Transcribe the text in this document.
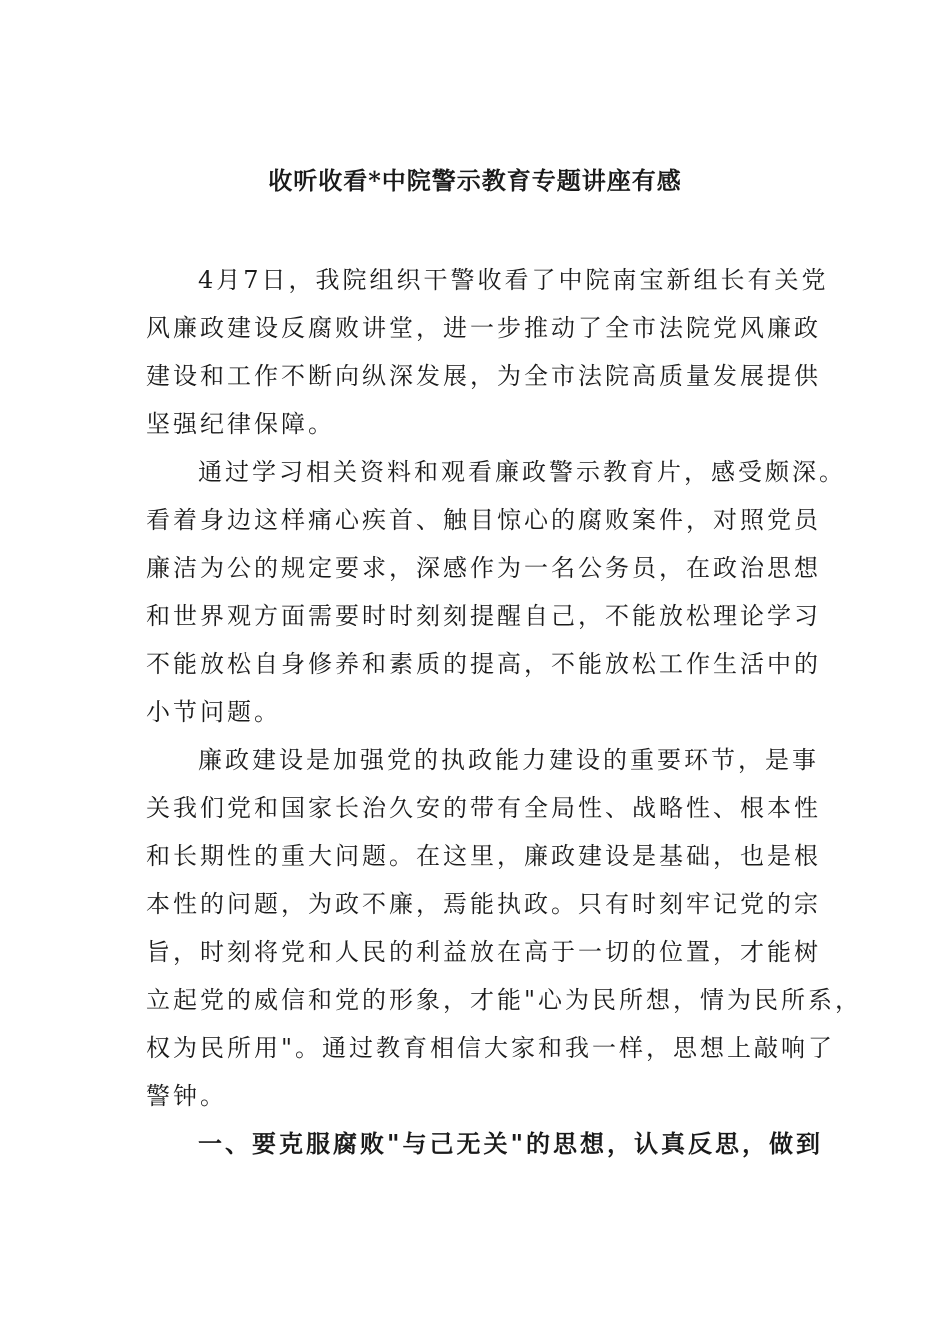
收听收看*中院警示教育专题讲座有感
4月7日，我院组织干警收看了中院南宝新组长有关党
风廉政建设反腐败讲堂，进一步推动了全市法院党风廉政
建设和工作不断向纵深发展，为全市法院高质量发展提供
坚强纪律保障。
通过学习相关资料和观看廉政警示教育片，感受颇深。
看着身边这样痛心疾首、触目惊心的腐败案件，对照党员
廉洁为公的规定要求，深感作为一名公务员，在政治思想
和世界观方面需要时时刻刻提醒自己，不能放松理论学习
不能放松自身修养和素质的提高，不能放松工作生活中的
小节问题。
廉政建设是加强党的执政能力建设的重要环节，是事
关我们党和国家长治久安的带有全局性、战略性、根本性
和长期性的重大问题。在这里，廉政建设是基础，也是根
本性的问题，为政不廉，焉能执政。只有时刻牢记党的宗
旨，时刻将党和人民的利益放在高于一切的位置，才能树
立起党的威信和党的形象，才能"心为民所想，情为民所系，
权为民所用"。通过教育相信大家和我一样，思想上敲响了
警钟。
一、要克服腐败"与己无关"的思想，认真反思，做到
